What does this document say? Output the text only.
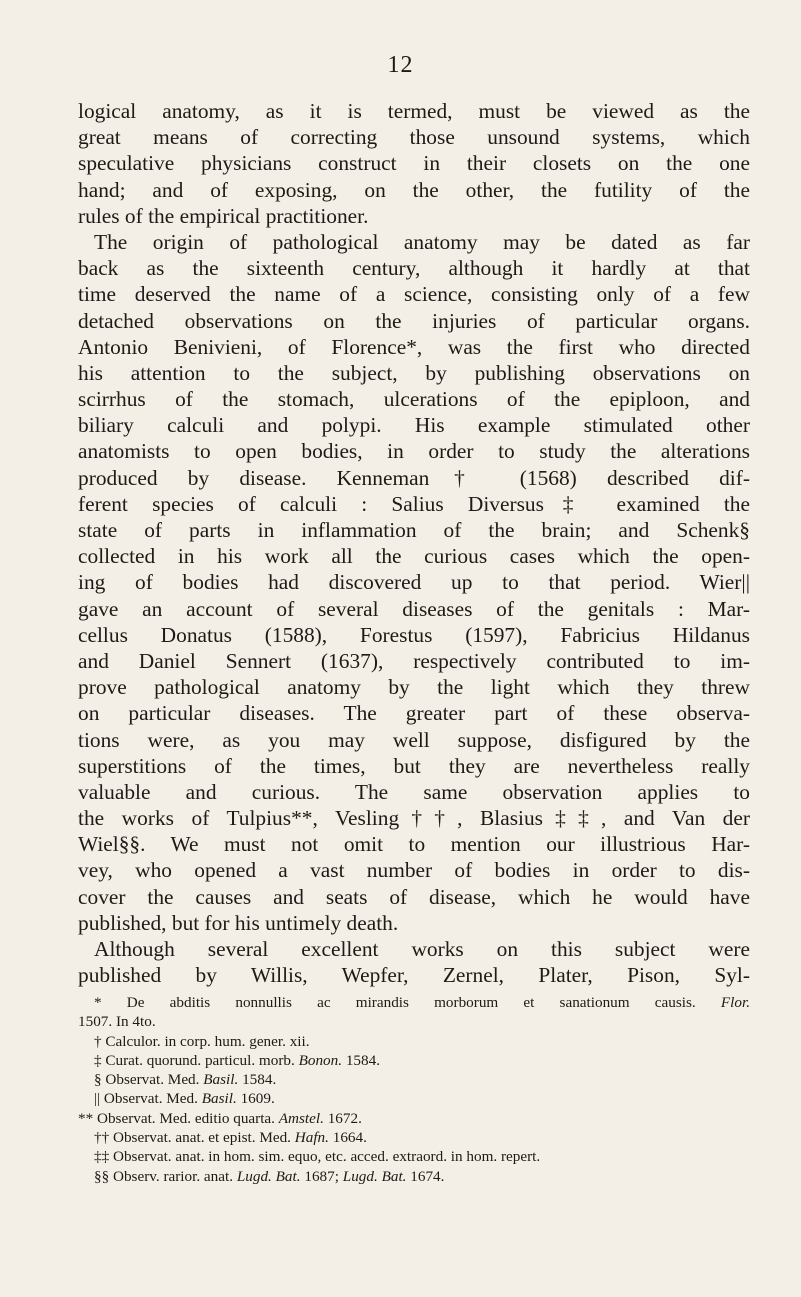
12
logical anatomy, as it is termed, must be viewed as the
great means of correcting those unsound systems, which
speculative physicians construct in their closets on the one
hand; and of exposing, on the other, the futility of the
rules of the empirical practitioner.
The origin of pathological anatomy may be dated as far
back as the sixteenth century, although it hardly at that
time deserved the name of a science, consisting only of a few
detached observations on the injuries of particular organs.
Antonio Benivieni, of Florence*, was the first who directed
his attention to the subject, by publishing observations on
scirrhus of the stomach, ulcerations of the epiploon, and
biliary calculi and polypi. His example stimulated other
anatomists to open bodies, in order to study the alterations
produced by disease. Kenneman† (1568) described dif-
ferent species of calculi : Salius Diversus‡ examined the
state of parts in inflammation of the brain; and Schenk§
collected in his work all the curious cases which the open-
ing of bodies had discovered up to that period. Wier||
gave an account of several diseases of the genitals : Mar-
cellus Donatus (1588), Forestus (1597), Fabricius Hildanus
and Daniel Sennert (1637), respectively contributed to im-
prove pathological anatomy by the light which they threw
on particular diseases. The greater part of these observa-
tions were, as you may well suppose, disfigured by the
superstitions of the times, but they are nevertheless really
valuable and curious. The same observation applies to
the works of Tulpius**, Vesling††, Blasius‡‡, and Van der
Wiel§§. We must not omit to mention our illustrious Har-
vey, who opened a vast number of bodies in order to dis-
cover the causes and seats of disease, which he would have
published, but for his untimely death.
Although several excellent works on this subject were
published by Willis, Wepfer, Zernel, Plater, Pison, Syl-
* De abditis nonnullis ac mirandis morborum et sanationum causis. Flor.
1507. In 4to.
† Calculor. in corp. hum. gener. xii.
‡ Curat. quorund. particul. morb. Bonon. 1584.
§ Observat. Med. Basil. 1584.
|| Observat. Med. Basil. 1609.
** Observat. Med. editio quarta. Amstel. 1672.
†† Observat. anat. et epist. Med. Hafn. 1664.
‡‡ Observat. anat. in hom. sim. equo, etc. acced. extraord. in hom. repert.
§§ Observ. rarior. anat. Lugd. Bat. 1687; Lugd. Bat. 1674.
